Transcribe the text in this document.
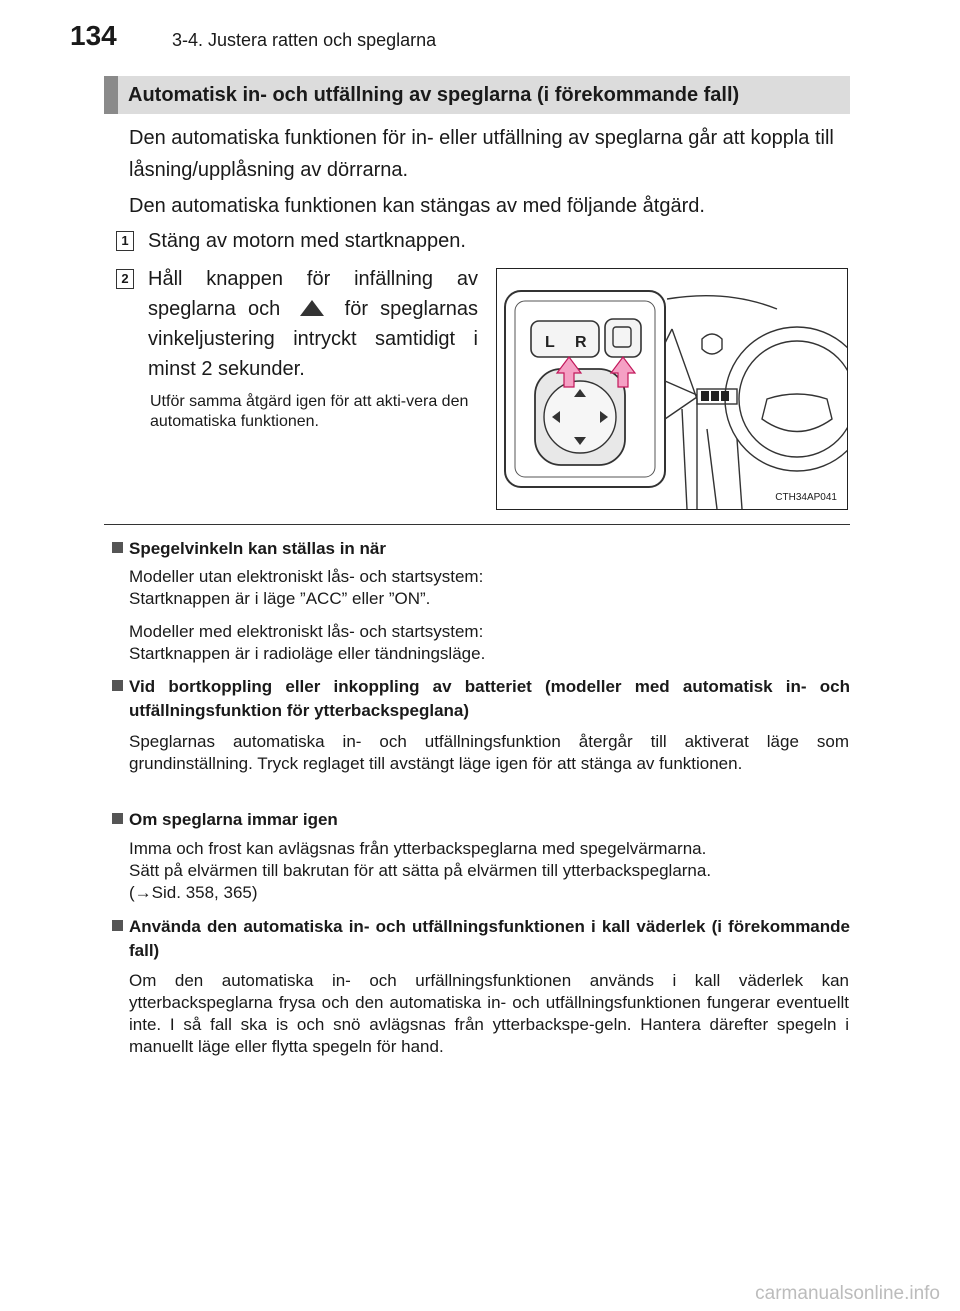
134	3-4. Justera ratten och speglarna
Automatisk in- och utfällning av speglarna (i förekommande fall)

Den automatiska funktionen för in- eller utfällning av speglarna går att koppla till låsning/upplåsning av dörrarna.

Den automatiska funktionen kan stängas av med följande åtgärd.

1 Stäng av motorn med startknappen.
2 Håll knappen för infällning av speglarna och	för speglarnas vinkeljustering intryckt samtidigt i minst 2 sekunder.
Utför samma åtgärd igen för att akti-vera den automatiska funktionen.
L R
CTH34AP041
Spegelvinkeln kan ställas in när

Modeller utan elektroniskt lås- och startsystem:
Startknappen är i läge ”ACC” eller ”ON”.

Modeller med elektroniskt lås- och startsystem:
Startknappen är i radioläge eller tändningsläge.

Vid bortkoppling eller inkoppling av batteriet (modeller med automatisk in- och utfällningsfunktion för ytterbackspeglana)

Speglarnas automatiska in- och utfällningsfunktion återgår till aktiverat läge som grundinställning. Tryck reglaget till avstängt läge igen för att stänga av funktionen.

Om speglarna immar igen

Imma och frost kan avlägsnas från ytterbackspeglarna med spegelvärmarna.
Sätt på elvärmen till bakrutan för att sätta på elvärmen till ytterbackspeglarna.
(→Sid. 358, 365)

Använda den automatiska in- och utfällningsfunktionen i kall väderlek (i förekommande fall)

Om den automatiska in- och urfällningsfunktionen används i kall väderlek kan ytterbackspeglarna frysa och den automatiska in- och utfällningsfunktionen fungerar eventuellt inte. I så fall ska is och snö avlägsnas från ytterbackspe-geln. Hantera därefter spegeln i manuellt läge eller flytta spegeln för hand.

carmanualsonline.info
